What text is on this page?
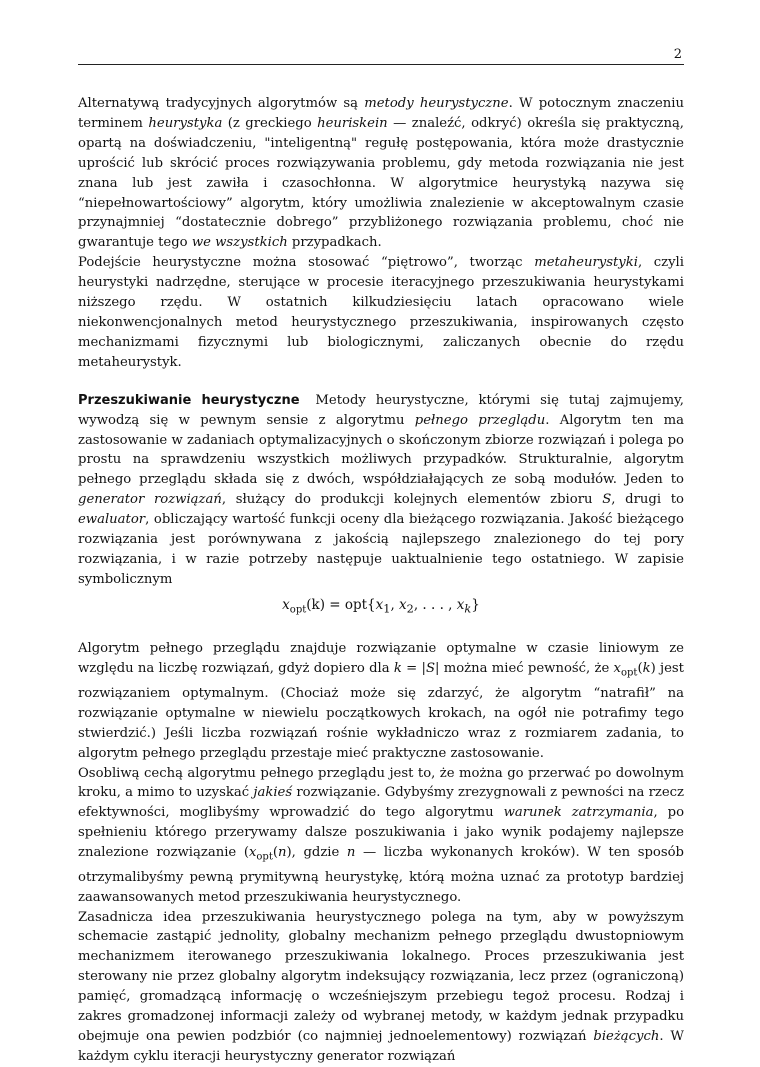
2

Alternatywą tradycyjnych algorytmów są metody heurystyczne. W potocznym znaczeniu terminem heurystyka (z greckiego heuriskein — znaleźć, odkryć) określa się praktyczną, opartą na doświadczeniu, "inteligentną" regułę postępowania, która może drastycznie uprościć lub skrócić proces rozwiązywania problemu, gdy metoda rozwiązania nie jest znana lub jest zawiła i czasochłonna. W algorytmice heurystyką nazywa się “niepełnowartościowy” algorytm, który umożliwia znalezienie w akceptowalnym czasie przynajmniej “dostatecznie dobrego” przybliżonego rozwiązania problemu, choć nie gwarantuje tego we wszystkich przypadkach.

Podejście heurystyczne można stosować “piętrowo”, tworząc metaheurystyki, czyli heurystyki nadrzędne, sterujące w procesie iteracyjnego przeszukiwania heurystykami niższego rzędu. W ostatnich kilkudziesięciu latach opracowano wiele niekonwencjonalnych metod heurystycznego przeszukiwania, inspirowanych często mechanizmami fizycznymi lub biologicznymi, zaliczanych obecnie do rzędu metaheurystyk.

Przeszukiwanie heurystyczne Metody heurystyczne, którymi się tutaj zajmujemy, wywodzą się w pewnym sensie z algorytmu pełnego przeglądu. Algorytm ten ma zastosowanie w zadaniach optymalizacyjnych o skończonym zbiorze rozwiązań i polega po prostu na sprawdzeniu wszystkich możliwych przypadków. Strukturalnie, algorytm pełnego przeglądu składa się z dwóch, współdziałających ze sobą modułów. Jeden to generator rozwiązań, służący do produkcji kolejnych elementów zbioru S, drugi to ewaluator, obliczający wartość funkcji oceny dla bieżącego rozwiązania. Jakość bieżącego rozwiązania jest porównywana z jakością najlepszego znalezionego do tej pory rozwiązania, i w razie potrzeby następuje uaktualnienie tego ostatniego. W zapisie symbolicznym

$x_{opt}(k) = opt\{x_1$, $x_2$, . . . , $x_k$}

Algorytm pełnego przeglądu znajduje rozwiązanie optymalne w czasie liniowym ze względu na liczbę rozwiązań, gdyż dopiero dla k = |S| można mieć pewność, że $x_{opt}(k)$ jest rozwiązaniem optymalnym. (Chociaż może się zdarzyć, że algorytm “natrafił” na rozwiązanie optymalne w niewielu początkowych krokach, na ogół nie potrafimy tego stwierdzić.) Jeśli liczba rozwiązań rośnie wykładniczo wraz z rozmiarem zadania, to algorytm pełnego przeglądu przestaje mieć praktyczne zastosowanie.

Osobliwą cechą algorytmu pełnego przeglądu jest to, że można go przerwać po dowolnym kroku, a mimo to uzyskać jakieś rozwiązanie. Gdybyśmy zrezygnowali z pewności na rzecz efektywności, moglibyśmy wprowadzić do tego algorytmu warunek zatrzymania, po spełnieniu którego przerywamy dalsze poszukiwania i jako wynik podajemy najlepsze znalezione rozwiązanie ($x_{opt}(n)$, gdzie n — liczba wykonanych kroków). W ten sposób otrzymalibyśmy pewną prymitywną heurystykę, którą można uznać za prototyp bardziej zaawansowanych metod przeszukiwania heurystycznego.

Zasadnicza idea przeszukiwania heurystycznego polega na tym, aby w powyższym schemacie zastąpić jednolity, globalny mechanizm pełnego przeglądu dwustopniowym mechanizmem iterowanego przeszukiwania lokalnego. Proces przeszukiwania jest sterowany nie przez globalny algorytm indeksujący rozwiązania, lecz przez (ograniczoną) pamięć, gromadzącą informację o wcześniejszym przebiegu tegoż procesu. Rodzaj i zakres gromadzonej informacji zależy od wybranej metody, w każdym jednak przypadku obejmuje ona pewien podzbiór (co najmniej jednoelementowy) rozwiązań bieżących. W każdym cyklu iteracji heurystyczny generator rozwiązań
